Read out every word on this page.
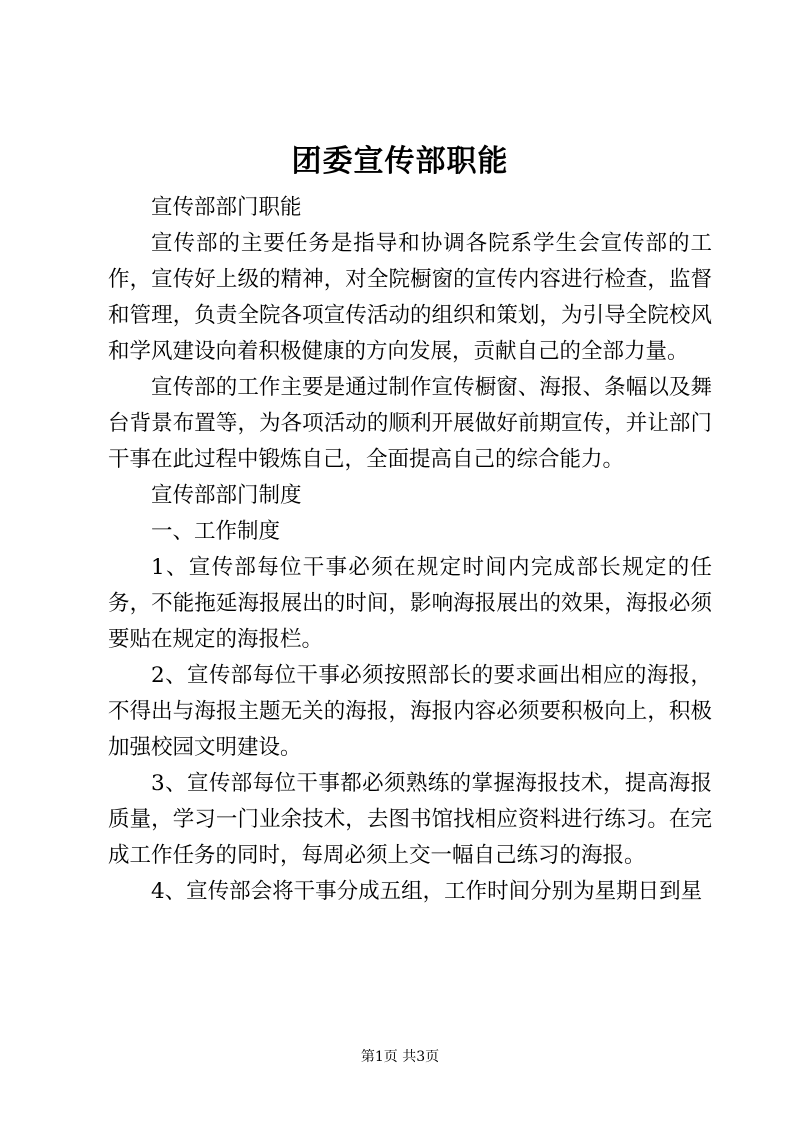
团委宣传部职能

宣传部部门职能

宣传部的主要任务是指导和协调各院系学生会宣传部的工作，宣传好上级的精神，对全院橱窗的宣传内容进行检查，监督和管理，负责全院各项宣传活动的组织和策划，为引导全院校风和学风建设向着积极健康的方向发展，贡献自己的全部力量。

宣传部的工作主要是通过制作宣传橱窗、海报、条幅以及舞台背景布置等，为各项活动的顺利开展做好前期宣传，并让部门干事在此过程中锻炼自己，全面提高自己的综合能力。

宣传部部门制度

一、工作制度

1、宣传部每位干事必须在规定时间内完成部长规定的任务，不能拖延海报展出的时间，影响海报展出的效果，海报必须要贴在规定的海报栏。

2、宣传部每位干事必须按照部长的要求画出相应的海报，不得出与海报主题无关的海报，海报内容必须要积极向上，积极加强校园文明建设。

3、宣传部每位干事都必须熟练的掌握海报技术，提高海报质量，学习一门业余技术，去图书馆找相应资料进行练习。在完成工作任务的同时，每周必须上交一幅自己练习的海报。

4、宣传部会将干事分成五组，工作时间分别为星期日到星

第1页 共3页
